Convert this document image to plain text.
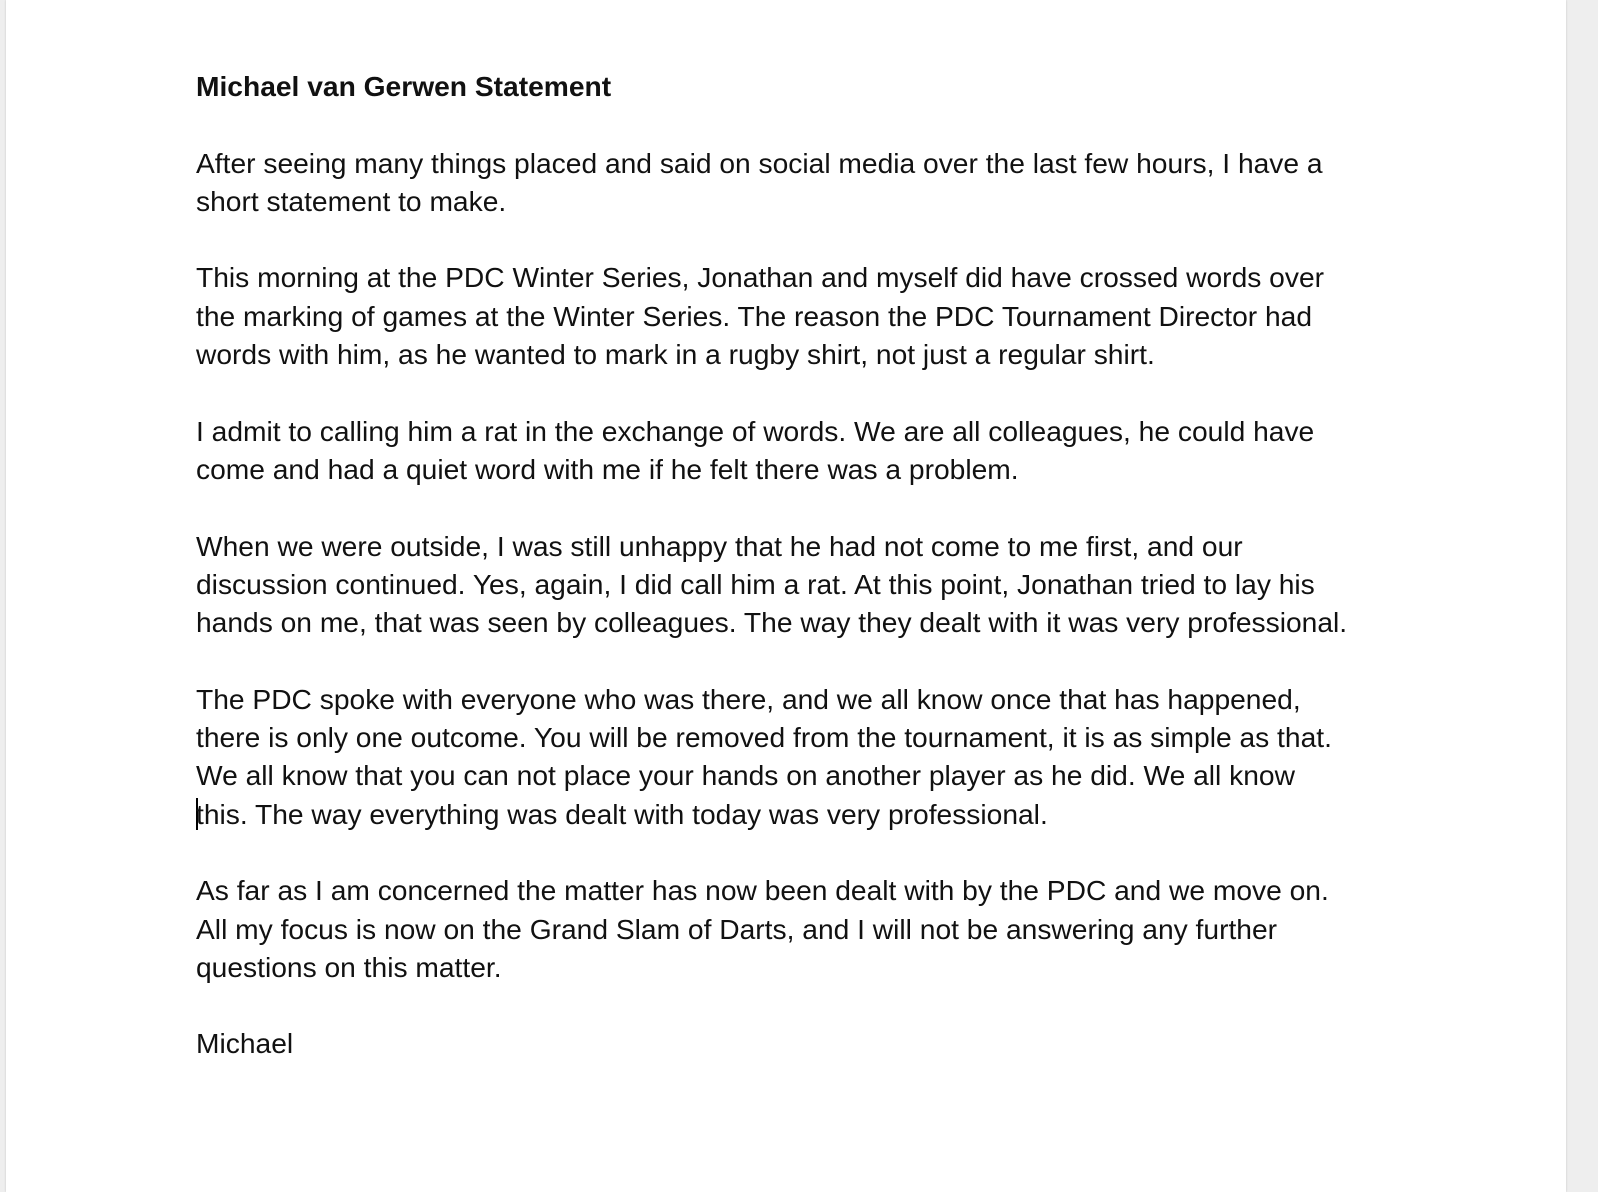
Michael van Gerwen Statement
After seeing many things placed and said on social media over the last few hours, I have a
short statement to make.
This morning at the PDC Winter Series, Jonathan and myself did have crossed words over
the marking of games at the Winter Series. The reason the PDC Tournament Director had
words with him, as he wanted to mark in a rugby shirt, not just a regular shirt.
I admit to calling him a rat in the exchange of words. We are all colleagues, he could have
come and had a quiet word with me if he felt there was a problem.
When we were outside, I was still unhappy that he had not come to me first, and our
discussion continued. Yes, again, I did call him a rat. At this point, Jonathan tried to lay his
hands on me, that was seen by colleagues. The way they dealt with it was very professional.
The PDC spoke with everyone who was there, and we all know once that has happened,
there is only one outcome. You will be removed from the tournament, it is as simple as that.
We all know that you can not place your hands on another player as he did. We all know
this. The way everything was dealt with today was very professional.
As far as I am concerned the matter has now been dealt with by the PDC and we move on.
All my focus is now on the Grand Slam of Darts, and I will not be answering any further
questions on this matter.
Michael
